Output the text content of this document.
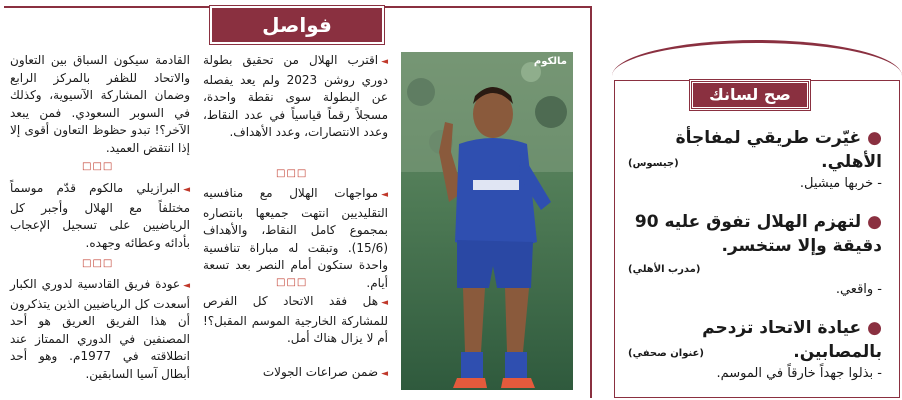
فواصل
القادمة سيكون السباق بين التعاون والاتحاد للظفر بالمركز الرابع وضمان المشاركة الآسيوية، وكذلك في السوبر السعودي. فمن يبعد الآخر؟! تبدو حظوظ التعاون أقوى إلا إذا انتقض العميد.
□□□
◄البرازيلي مالكوم قدّم موسماً مختلفاً مع الهلال وأجبر كل الرياضيين على تسجيل الإعجاب بأدائه وعطائه وجهده.
□□□
◄عودة فريق القادسية لدوري الكبار أسعدت كل الرياضيين الذين يتذكرون أن هذا الفريق العريق هو أحد المصنفين في الدوري الممتاز عند انطلاقته في 1977م. وهو أحد أبطال آسيا السابقين.
◄اقترب الهلال من تحقيق بطولة دوري روشن 2023 ولم يعد يفصله عن البطولة سوى نقطة واحدة، مسجلاً رقماً قياسياً في عدد النقاط، وعدد الانتصارات، وعدد الأهداف.
□□□
◄مواجهات الهلال مع منافسيه التقليديين انتهت جميعها بانتصاره بمجموع كامل النقاط، والأهداف (15/6). وتبقت له مباراة تنافسية واحدة ستكون أمام النصر بعد تسعة أيام.
□□□
◄هل فقد الاتحاد كل الفرص للمشاركة الخارجية الموسم المقبل؟! أم لا يزال هناك أمل.
◄ضمن صراعات الجولات
مالكوم
صح لسانك
●غيّرت طريقي لمفاجأة الأهلي.
(جيسوس)
- خربها ميشيل.
●لتهزم الهلال تفوق عليه 90 دقيقة وإلا ستخسر.
(مدرب الأهلي)
- واقعي.
●عيادة الاتحاد تزدحم بالمصابين.
(عنوان صحفي)
- بذلوا جهداً خارقاً في الموسم.
